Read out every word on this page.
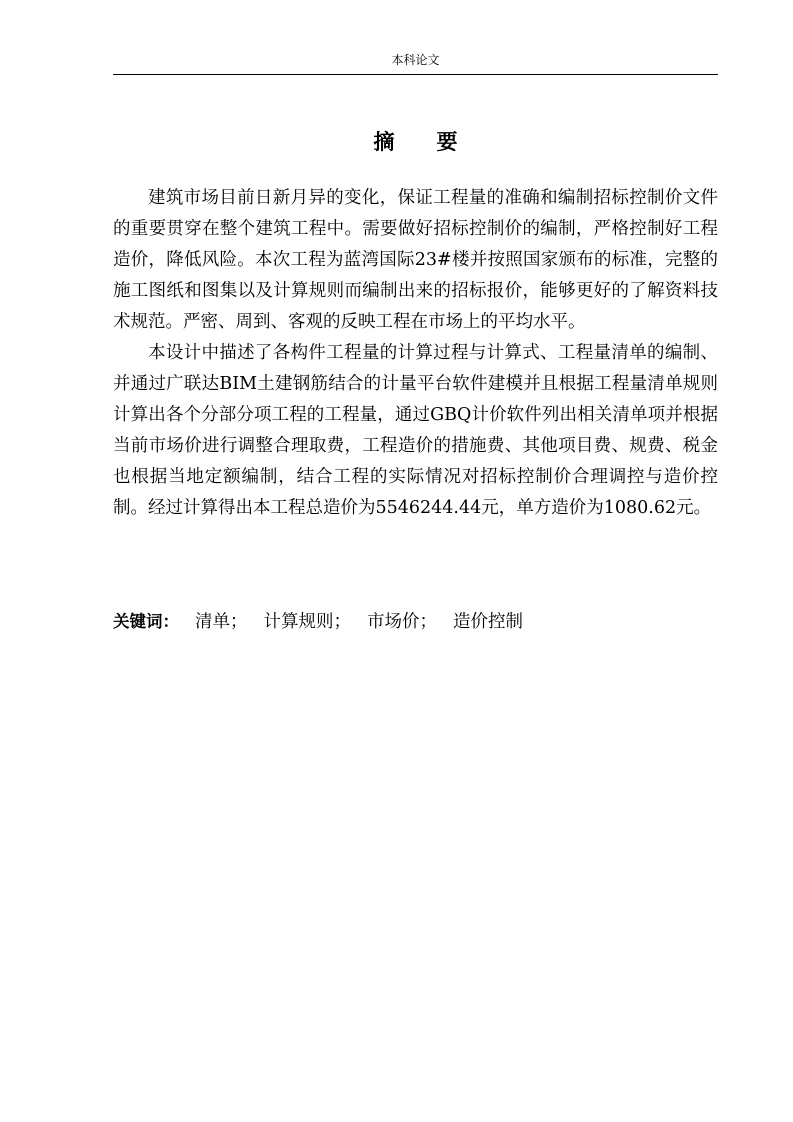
本科论文
摘 要

建筑市场目前日新月异的变化，保证工程量的准确和编制招标控制价文件的重要贯穿在整个建筑工程中。需要做好招标控制价的编制，严格控制好工程造价，降低风险。本次工程为蓝湾国际23#楼并按照国家颁布的标准，完整的施工图纸和图集以及计算规则而编制出来的招标报价，能够更好的了解资料技术规范。严密、周到、客观的反映工程在市场上的平均水平。

本设计中描述了各构件工程量的计算过程与计算式、工程量清单的编制、并通过广联达BIM土建钢筋结合的计量平台软件建模并且根据工程量清单规则计算出各个分部分项工程的工程量，通过GBQ计价软件列出相关清单项并根据当前市场价进行调整合理取费，工程造价的措施费、其他项目费、规费、税金也根据当地定额编制，结合工程的实际情况对招标控制价合理调控与造价控制。经过计算得出本工程总造价为5546244.44元，单方造价为1080.62元。

关键词： 清单； 计算规则； 市场价； 造价控制
